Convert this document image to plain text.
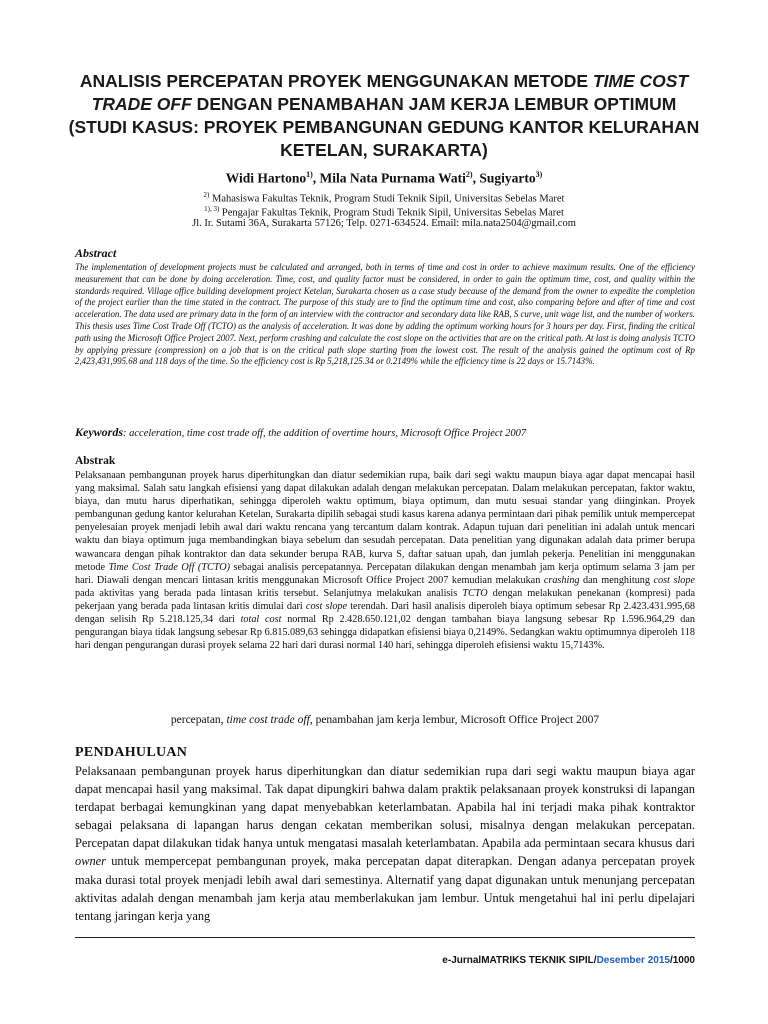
ANALISIS PERCEPATAN PROYEK MENGGUNAKAN METODE TIME COST
TRADE OFF DENGAN PENAMBAHAN JAM KERJA LEMBUR OPTIMUM
(STUDI KASUS: PROYEK PEMBANGUNAN GEDUNG KANTOR KELURAHAN
KETELAN, SURAKARTA)
Widi Hartono$^{1)}$, Mila Nata Purnama Wati$^{2)}$, Sugiyarto$^{3)}$
$^{2)}$ Mahasiswa Fakultas Teknik, Program Studi Teknik Sipil, Universitas Sebelas Maret
$^{1), 3)}$ Pengajar Fakultas Teknik, Program Studi Teknik Sipil, Universitas Sebelas Maret
Jl. Ir. Sutami 36A, Surakarta 57126; Telp. 0271-634524. Email: mila.nata2504@gmail.com
Abstract
The implementation of development projects must be calculated and arranged, both in terms of time and cost in order to achieve maximum results. One of the efficiency measurement that can be done by doing acceleration. Time, cost, and quality factor must be considered, in order to gain the optimum time, cost, and quality within the standards required. Village office building development project Ketelan, Surakarta chosen as a case study because of the demand from the owner to expedite the completion of the project earlier than the time stated in the contract. The purpose of this study are to find the optimum time and cost, also comparing before and after of time and cost acceleration. The data used are primary data in the form of an interview with the contractor and secondary data like RAB, S curve, unit wage list, and the number of workers. This thesis uses Time Cost Trade Off (TCTO) as the analysis of acceleration. It was done by adding the optimum working hours for 3 hours per day. First, finding the critical path using the Microsoft Office Project 2007. Next, perform crashing and calculate the cost slope on the activities that are on the critical path. At last is doing analysis TCTO by applying pressure (compression) on a job that is on the critical path slope starting from the lowest cost. The result of the analysis gained the optimum cost of Rp 2,423,431,995.68 and 118 days of the time. So the efficiency cost is Rp 5,218,125.34 or 0.2149% while the efficiency time is 22 days or 15.7143%.
Keywords: acceleration, time cost trade off, the addition of overtime hours, Microsoft Office Project 2007
Abstrak
Pelaksanaan pembangunan proyek harus diperhitungkan dan diatur sedemikian rupa, baik dari segi waktu maupun biaya agar dapat mencapai hasil yang maksimal. Salah satu langkah efisiensi yang dapat dilakukan adalah dengan melakukan percepatan. Dalam melakukan percepatan, faktor waktu, biaya, dan mutu harus diperhatikan, sehingga diperoleh waktu optimum, biaya optimum, dan mutu sesuai standar yang diinginkan. Proyek pembangunan gedung kantor kelurahan Ketelan, Surakarta dipilih sebagai studi kasus karena adanya permintaan dari pihak pemilik untuk mempercepat penyelesaian proyek menjadi lebih awal dari waktu rencana yang tercantum dalam kontrak. Adapun tujuan dari penelitian ini adalah untuk mencari waktu dan biaya optimum juga membandingkan biaya sebelum dan sesudah percepatan. Data penelitian yang digunakan adalah data primer berupa wawancara dengan pihak kontraktor dan data sekunder berupa RAB, kurva S, daftar satuan upah, dan jumlah pekerja. Penelitian ini menggunakan metode Time Cost Trade Off (TCTO) sebagai analisis percepatannya. Percepatan dilakukan dengan menambah jam kerja optimum selama 3 jam per hari. Diawali dengan mencari lintasan kritis menggunakan Microsoft Office Project 2007 kemudian melakukan crashing dan menghitung cost slope pada aktivitas yang berada pada lintasan kritis tersebut. Selanjutnya melakukan analisis TCTO dengan melakukan penekanan (kompresi) pada pekerjaan yang berada pada lintasan kritis dimulai dari cost slope terendah. Dari hasil analisis diperoleh biaya optimum sebesar Rp 2.423.431.995,68 dengan selisih Rp 5.218.125,34 dari total cost normal Rp 2.428.650.121,02 dengan tambahan biaya langsung sebesar Rp 1.596.964,29 dan pengurangan biaya tidak langsung sebesar Rp 6.815.089,63 sehingga didapatkan efisiensi biaya 0,2149%. Sedangkan waktu optimumnya diperoleh 118 hari dengan pengurangan durasi proyek selama 22 hari dari durasi normal 140 hari, sehingga diperoleh efisiensi waktu 15,7143%.
percepatan, time cost trade off, penambahan jam kerja lembur, Microsoft Office Project 2007
PENDAHULUAN
Pelaksanaan pembangunan proyek harus diperhitungkan dan diatur sedemikian rupa dari segi waktu maupun biaya agar dapat mencapai hasil yang maksimal. Tak dapat dipungkiri bahwa dalam praktik pelaksanaan proyek konstruksi di lapangan terdapat berbagai kemungkinan yang dapat menyebabkan keterlambatan. Apabila hal ini terjadi maka pihak kontraktor sebagai pelaksana di lapangan harus dengan cekatan memberikan solusi, misalnya dengan melakukan percepatan. Percepatan dapat dilakukan tidak hanya untuk mengatasi masalah keterlambatan. Apabila ada permintaan secara khusus dari owner untuk mempercepat pembangunan proyek, maka percepatan dapat diterapkan. Dengan adanya percepatan proyek maka durasi total proyek menjadi lebih awal dari semestinya. Alternatif yang dapat digunakan untuk menunjang percepatan aktivitas adalah dengan menambah jam kerja atau memberlakukan jam lembur. Untuk mengetahui hal ini perlu dipelajari tentang jaringan kerja yang
e-JurnalMATRIKS TEKNIK SIPIL/Desember 2015/1000
